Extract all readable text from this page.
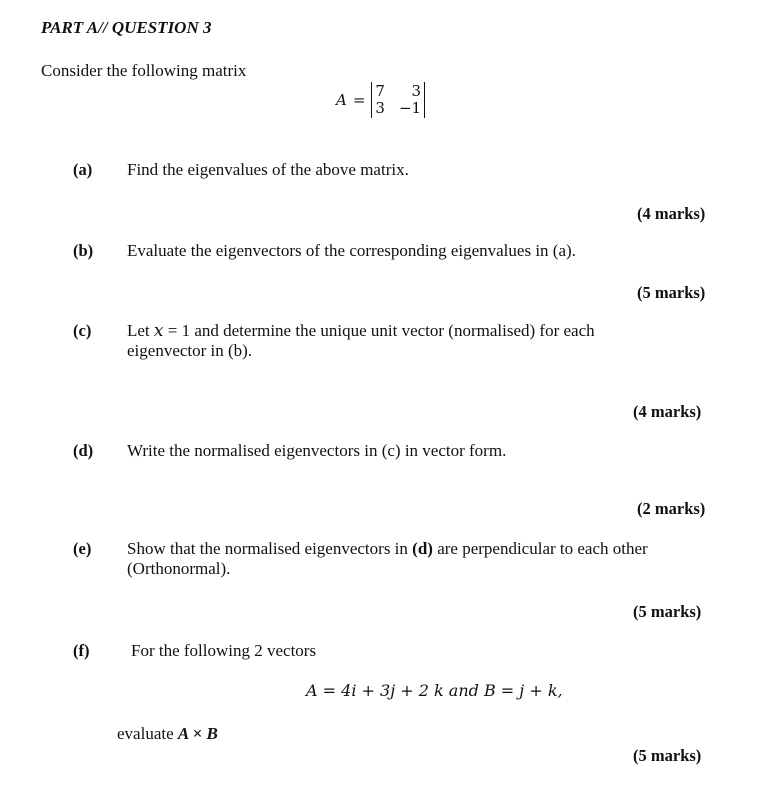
PART A// QUESTION 3
Consider the following matrix
A = 7	3
3 −1
(a) Find the eigenvalues of the above matrix.
(4 marks)
(b) Evaluate the eigenvectors of the corresponding eigenvalues in (a).
(5 marks)
(c) Let x = 1 and determine the unique unit vector (normalised) for each eigenvector in (b).
(4 marks)
(d) Write the normalised eigenvectors in (c) in vector form.
(2 marks)
(e) Show that the normalised eigenvectors in (d) are perpendicular to each other (Orthonormal).
(5 marks)
(f) For the following 2 vectors
A = 4i + 3j + 2 k and B = j + k,
evaluate A × B
(5 marks)
